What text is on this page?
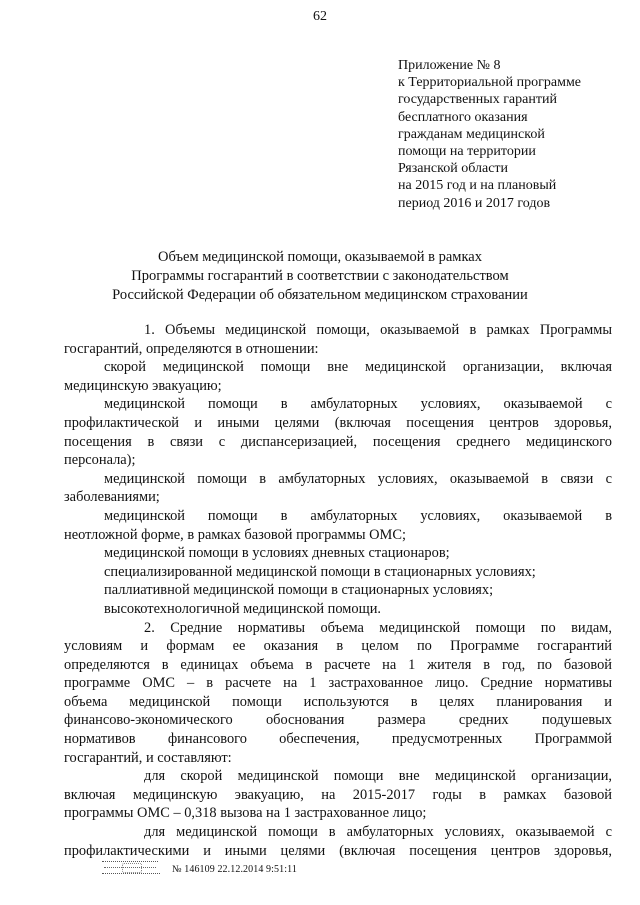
62
Приложение № 8
к Территориальной программе
государственных гарантий
бесплатного оказания
гражданам медицинской
помощи на территории
Рязанской области
на 2015 год и на плановый
период 2016 и 2017 годов
Объем медицинской помощи, оказываемой в рамках
Программы госгарантий в соответствии с законодательством
Российской Федерации об обязательном медицинском страховании
1. Объемы медицинской помощи, оказываемой в рамках Программы
госгарантий, определяются в отношении:
скорой медицинской помощи вне медицинской организации, включая
медицинскую эвакуацию;
медицинской помощи в амбулаторных условиях, оказываемой с
профилактической и иными целями (включая посещения центров здоровья,
посещения в связи с диспансеризацией, посещения среднего медицинского
персонала);
медицинской помощи в амбулаторных условиях, оказываемой в связи с
заболеваниями;
медицинской помощи в амбулаторных условиях, оказываемой в
неотложной форме, в рамках базовой программы ОМС;
медицинской помощи в условиях дневных стационаров;
специализированной медицинской помощи в стационарных условиях;
паллиативной медицинской помощи в стационарных условиях;
высокотехнологичной медицинской помощи.
2. Средние нормативы объема медицинской помощи по видам,
условиям и формам ее оказания в целом по Программе госгарантий
определяются в единицах объема в расчете на 1 жителя в год, по базовой
программе ОМС – в расчете на 1 застрахованное лицо. Средние нормативы
объема медицинской помощи используются в целях планирования и
финансово-экономического обоснования размера средних подушевых
нормативов финансового обеспечения, предусмотренных Программой
госгарантий, и составляют:
для скорой медицинской помощи вне медицинской организации,
включая медицинскую эвакуацию, на 2015-2017 годы в рамках базовой
программы ОМС – 0,318 вызова на 1 застрахованное лицо;
для медицинской помощи в амбулаторных условиях, оказываемой с
профилактическими и иными целями (включая посещения центров здоровья,
№ 146109 22.12.2014 9:51:11
